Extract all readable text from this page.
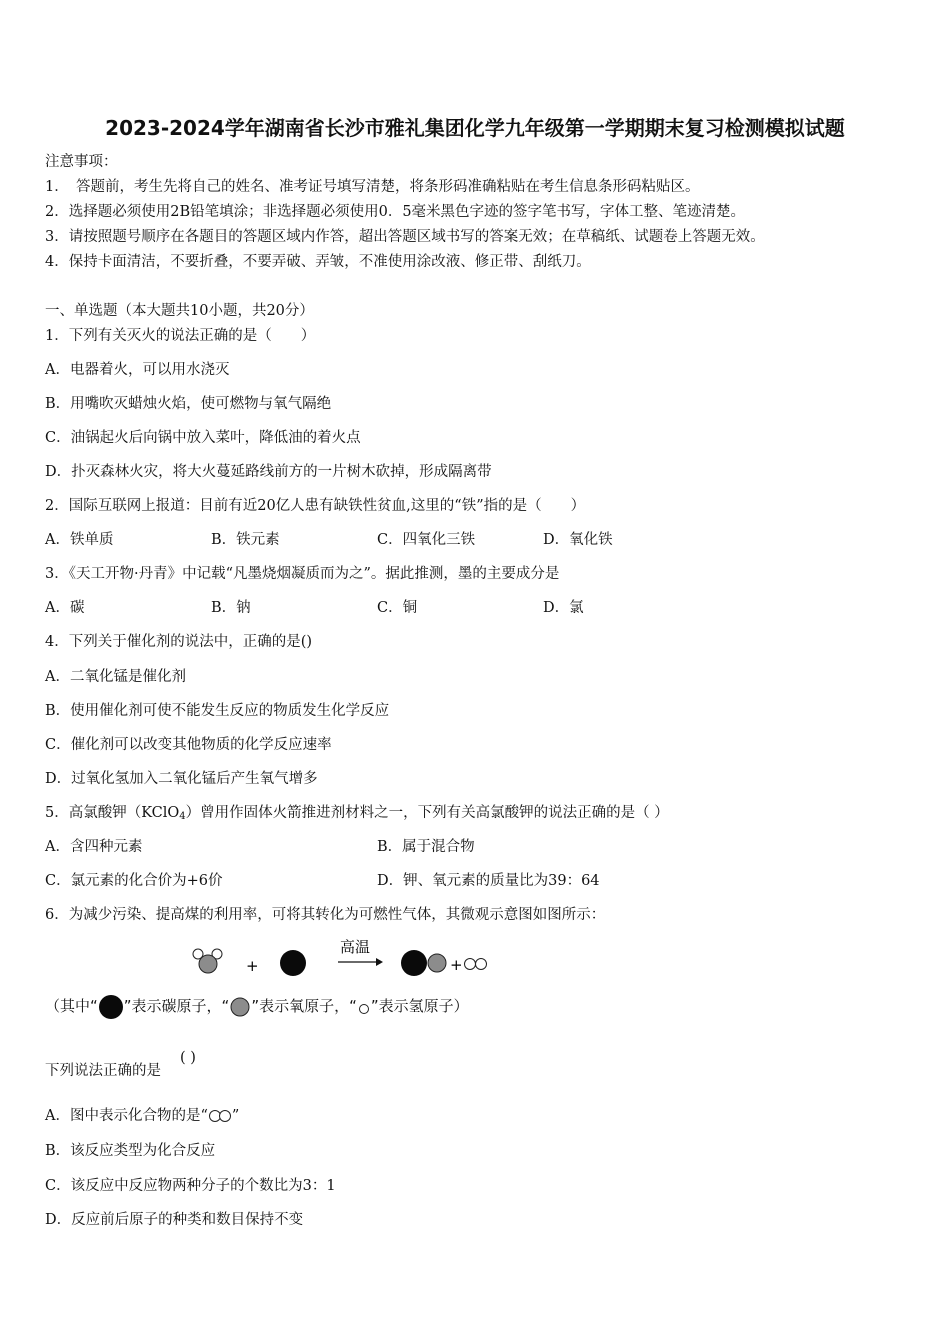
2023-2024学年湖南省长沙市雅礼集团化学九年级第一学期期末复习检测模拟试题
注意事项：
1．　答题前，考生先将自己的姓名、准考证号填写清楚，将条形码准确粘贴在考生信息条形码粘贴区。
2．选择题必须使用2B铅笔填涂；非选择题必须使用0．5毫米黑色字迹的签字笔书写，字体工整、笔迹清楚。
3．请按照题号顺序在各题目的答题区域内作答，超出答题区域书写的答案无效；在草稿纸、试题卷上答题无效。
4．保持卡面清洁，不要折叠，不要弄破、弄皱，不准使用涂改液、修正带、刮纸刀。
一、单选题（本大题共10小题，共20分）
1．下列有关灭火的说法正确的是（　　）
A．电器着火，可以用水浇灭
B．用嘴吹灭蜡烛火焰，使可燃物与氧气隔绝
C．油锅起火后向锅中放入菜叶，降低油的着火点
D．扑灭森林火灾，将大火蔓延路线前方的一片树木砍掉，形成隔离带
2．国际互联网上报道：目前有近20亿人患有缺铁性贫血,这里的“铁”指的是（　　）
A．铁单质	B．铁元素	C．四氧化三铁	D．氧化铁
3．《天工开物·丹青》中记载“凡墨烧烟凝质而为之”。据此推测，墨的主要成分是
A．碳	B．钠	C．铜	D．氯
4．下列关于催化剂的说法中，正确的是()
A．二氧化锰是催化剂
B．使用催化剂可使不能发生反应的物质发生化学反应
C．催化剂可以改变其他物质的化学反应速率
D．过氧化氢加入二氧化锰后产生氧气增多
5．高氯酸钾（KClO$_4$）曾用作固体火箭推进剂材料之一，下列有关高氯酸钾的说法正确的是（ ）
A．含四种元素	B．属于混合物
C．氯元素的化合价为+6价	D．钾、氧元素的质量比为39：64
6．为减少污染、提高煤的利用率，可将其转化为可燃性气体，其微观示意图如图所示：
+
高温
+
（其中“ ”表示碳原子，“ ”表示氧原子，“ ”表示氢原子）
下列说法正确的是
( )
A．图中表示化合物的是“ ”
B．该反应类型为化合反应
C．该反应中反应物两种分子的个数比为3：1
D．反应前后原子的种类和数目保持不变
